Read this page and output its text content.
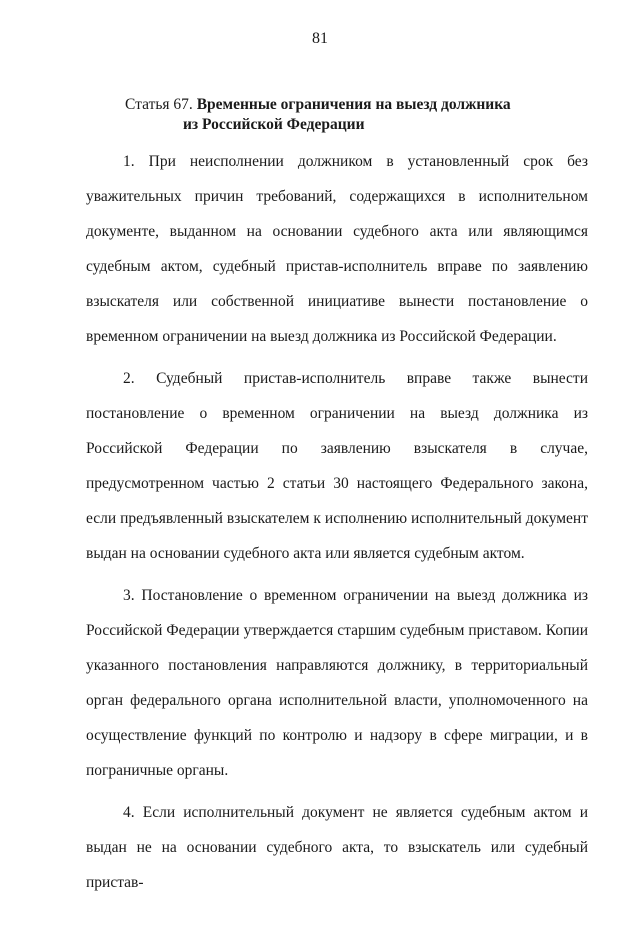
81
Статья 67. Временные ограничения на выезд должника
из Российской Федерации

1. При неисполнении должником в установленный срок без уважительных причин требований, содержащихся в исполнительном документе, выданном на основании судебного акта или являющимся судебным актом, судебный пристав-исполнитель вправе по заявлению взыскателя или собственной инициативе вынести постановление о временном ограничении на выезд должника из Российской Федерации.

2. Судебный пристав-исполнитель вправе также вынести постановление о временном ограничении на выезд должника из Российской Федерации по заявлению взыскателя в случае, предусмотренном частью 2 статьи 30 настоящего Федерального закона, если предъявленный взыскателем к исполнению исполнительный документ выдан на основании судебного акта или является судебным актом.

3. Постановление о временном ограничении на выезд должника из Российской Федерации утверждается старшим судебным приставом. Копии указанного постановления направляются должнику, в территориальный орган федерального органа исполнительной власти, уполномоченного на осуществление функций по контролю и надзору в сфере миграции, и в пограничные органы.

4. Если исполнительный документ не является судебным актом и выдан не на основании судебного акта, то взыскатель или судебный пристав-
